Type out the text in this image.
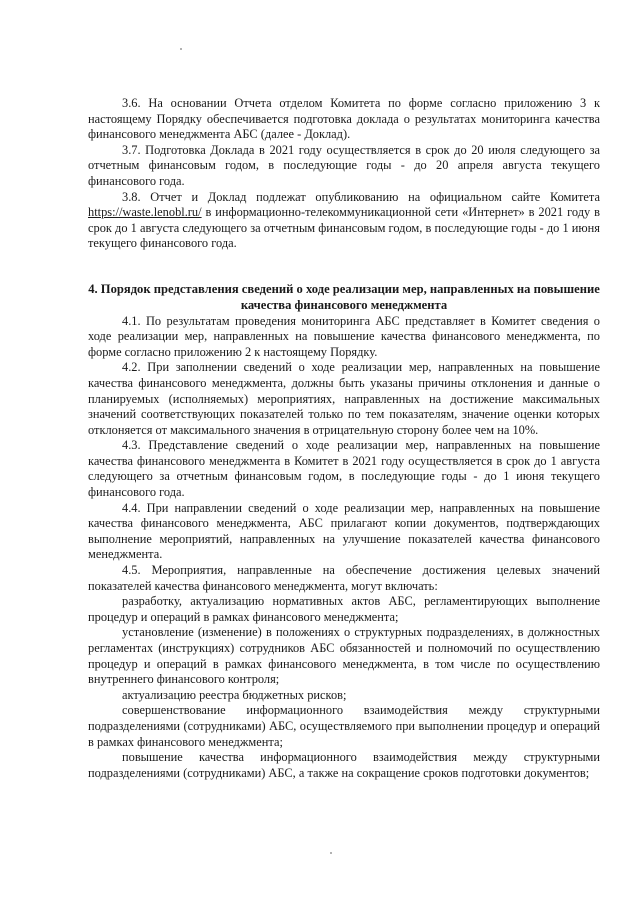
3.6. На основании Отчета отделом Комитета по форме согласно приложению 3 к настоящему Порядку обеспечивается подготовка доклада о результатах мониторинга качества финансового менеджмента АБС (далее - Доклад).

3.7. Подготовка Доклада в 2021 году осуществляется в срок до 20 июля следующего за отчетным финансовым годом, в последующие годы - до 20 апреля августа текущего финансового года.

3.8. Отчет и Доклад подлежат опубликованию на официальном сайте Комитета https://waste.lenobl.ru/ в информационно-телекоммуникационной сети «Интернет» в 2021 году в срок до 1 августа следующего за отчетным финансовым годом, в последующие годы - до 1 июня текущего финансового года.

4. Порядок представления сведений о ходе реализации мер, направленных на повышение качества финансового менеджмента

4.1. По результатам проведения мониторинга АБС представляет в Комитет сведения о ходе реализации мер, направленных на повышение качества финансового менеджмента, по форме согласно приложению 2 к настоящему Порядку.

4.2. При заполнении сведений о ходе реализации мер, направленных на повышение качества финансового менеджмента, должны быть указаны причины отклонения и данные о планируемых (исполняемых) мероприятиях, направленных на достижение максимальных значений соответствующих показателей только по тем показателям, значение оценки которых отклоняется от максимального значения в отрицательную сторону более чем на 10%.

4.3. Представление сведений о ходе реализации мер, направленных на повышение качества финансового менеджмента в Комитет в 2021 году осуществляется в срок до 1 августа следующего за отчетным финансовым годом, в последующие годы - до 1 июня текущего финансового года.

4.4. При направлении сведений о ходе реализации мер, направленных на повышение качества финансового менеджмента, АБС прилагают копии документов, подтверждающих выполнение мероприятий, направленных на улучшение показателей качества финансового менеджмента.

4.5. Мероприятия, направленные на обеспечение достижения целевых значений показателей качества финансового менеджмента, могут включать:

разработку, актуализацию нормативных актов АБС, регламентирующих выполнение процедур и операций в рамках финансового менеджмента;

установление (изменение) в положениях о структурных подразделениях, в должностных регламентах (инструкциях) сотрудников АБС обязанностей и полномочий по осуществлению процедур и операций в рамках финансового менеджмента, в том числе по осуществлению внутреннего финансового контроля;

актуализацию реестра бюджетных рисков;

совершенствование информационного взаимодействия между структурными подразделениями (сотрудниками) АБС, осуществляемого при выполнении процедур и операций в рамках финансового менеджмента;

повышение качества информационного взаимодействия между структурными подразделениями (сотрудниками) АБС, а также на сокращение сроков подготовки документов;
